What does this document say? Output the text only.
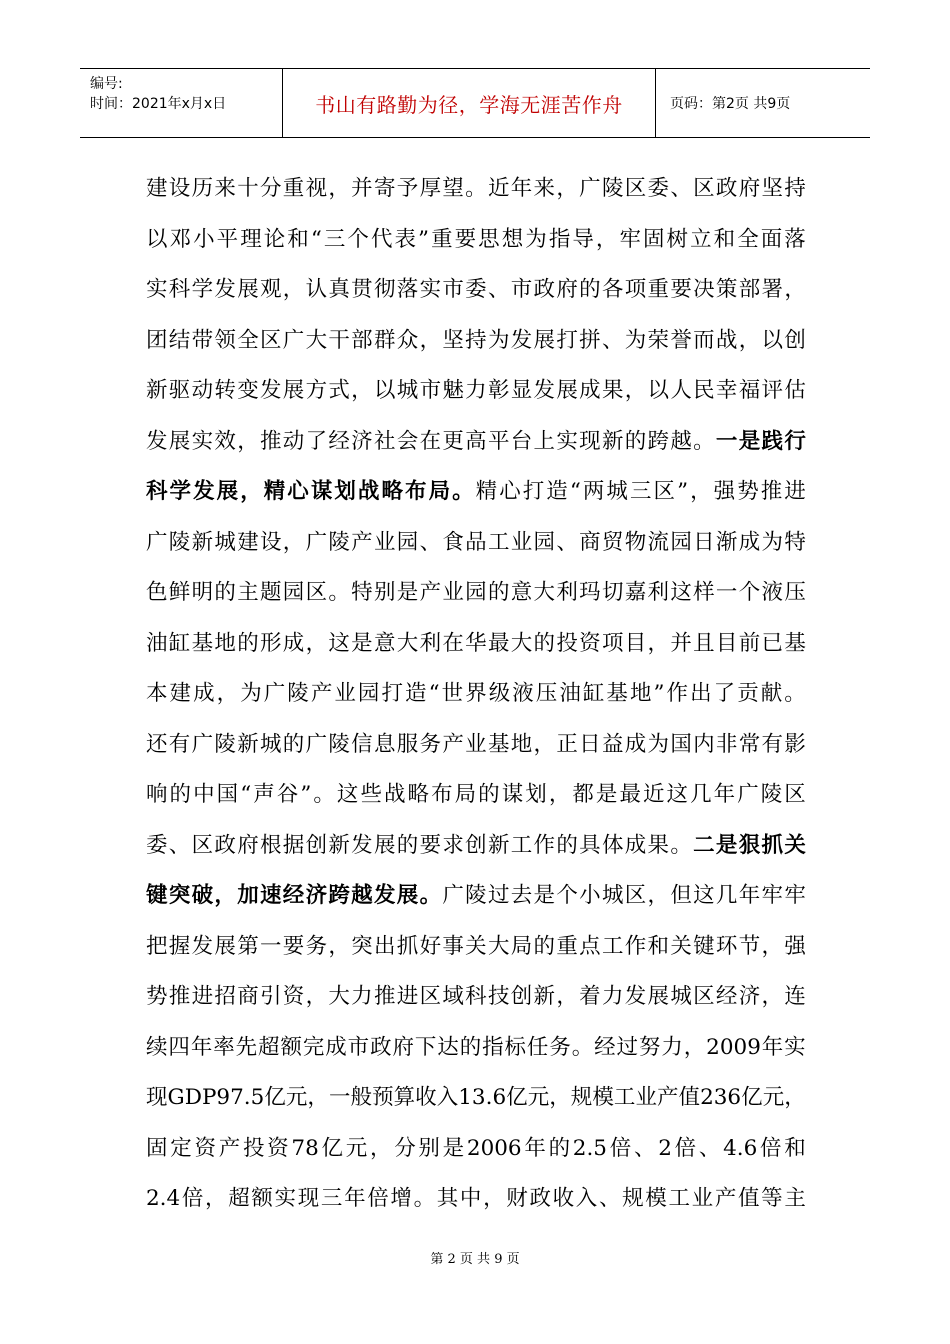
编号:
时间：2021年x月x日	书山有路勤为径，学海无涯苦作舟	页码：第2页 共9页
建 设 历 来 十 分 重 视 ， 并 寄 予 厚 望 。 近 年 来 ， 广 陵 区 委 、 区 政 府 坚 持
以 邓 小 平 理 论 和 “ 三 个 代 表 ” 重 要 思 想 为 指 导 ， 牢 固 树 立 和 全 面 落
实 科 学 发 展 观 ， 认 真 贯 彻 落 实 市 委 、 市 政 府 的 各 项 重 要 决 策 部 署 ，
团 结 带 领 全 区 广 大 干 部 群 众 ， 坚 持 为 发 展 打 拼 、 为 荣 誉 而 战 ， 以 创
新 驱 动 转 变 发 展 方 式 ， 以 城 市 魅 力 彰 显 发 展 成 果 ， 以 人 民 幸 福 评 估
发 展 实 效 ， 推 动 了 经 济 社 会 在 更 高 平 台 上 实 现 新 的 跨 越 。 一 是 践 行
科 学 发 展 ， 精 心 谋 划 战 略 布 局 。 精 心 打 造 “ 两 城 三 区 ” ， 强 势 推 进
广 陵 新 城 建 设 ， 广 陵 产 业 园 、 食 品 工 业 园 、 商 贸 物 流 园 日 渐 成 为 特
色 鲜 明 的 主 题 园 区 。 特 别 是 产 业 园 的 意 大 利 玛 切 嘉 利 这 样 一 个 液 压
油 缸 基 地 的 形 成 ， 这 是 意 大 利 在 华 最 大 的 投 资 项 目 ， 并 且 目 前 已 基
本 建 成 ， 为 广 陵 产 业 园 打 造 “ 世 界 级 液 压 油 缸 基 地 ” 作 出 了 贡 献 。
还 有 广 陵 新 城 的 广 陵 信 息 服 务 产 业 基 地 ， 正 日 益 成 为 国 内 非 常 有 影
响 的 中 国 “ 声 谷 ” 。 这 些 战 略 布 局 的 谋 划 ， 都 是 最 近 这 几 年 广 陵 区
委 、 区 政 府 根 据 创 新 发 展 的 要 求 创 新 工 作 的 具 体 成 果 。 二 是 狠 抓 关
键 突 破 ， 加 速 经 济 跨 越 发 展 。 广 陵 过 去 是 个 小 城 区 ， 但 这 几 年 牢 牢
把 握 发 展 第 一 要 务 ， 突 出 抓 好 事 关 大 局 的 重 点 工 作 和 关 键 环 节 ， 强
势 推 进 招 商 引 资 ， 大 力 推 进 区 域 科 技 创 新 ， 着 力 发 展 城 区 经 济 ， 连
续 四 年 率 先 超 额 完 成 市 政 府 下 达 的 指 标 任 务 。 经 过 努 力 ， 2009 年 实
现 GDP97.5 亿 元 ， 一 般 预 算 收 入 13.6 亿 元 ， 规 模 工 业 产 值 236 亿 元 ，
固 定 资 产 投 资 78 亿 元 ， 分 别 是 2006 年 的 2.5 倍 、 2 倍 、 4.6 倍 和
2.4 倍 ， 超 额 实 现 三 年 倍 增 。 其 中 ， 财 政 收 入 、 规 模 工 业 产 值 等 主
第 2 页 共 9 页
